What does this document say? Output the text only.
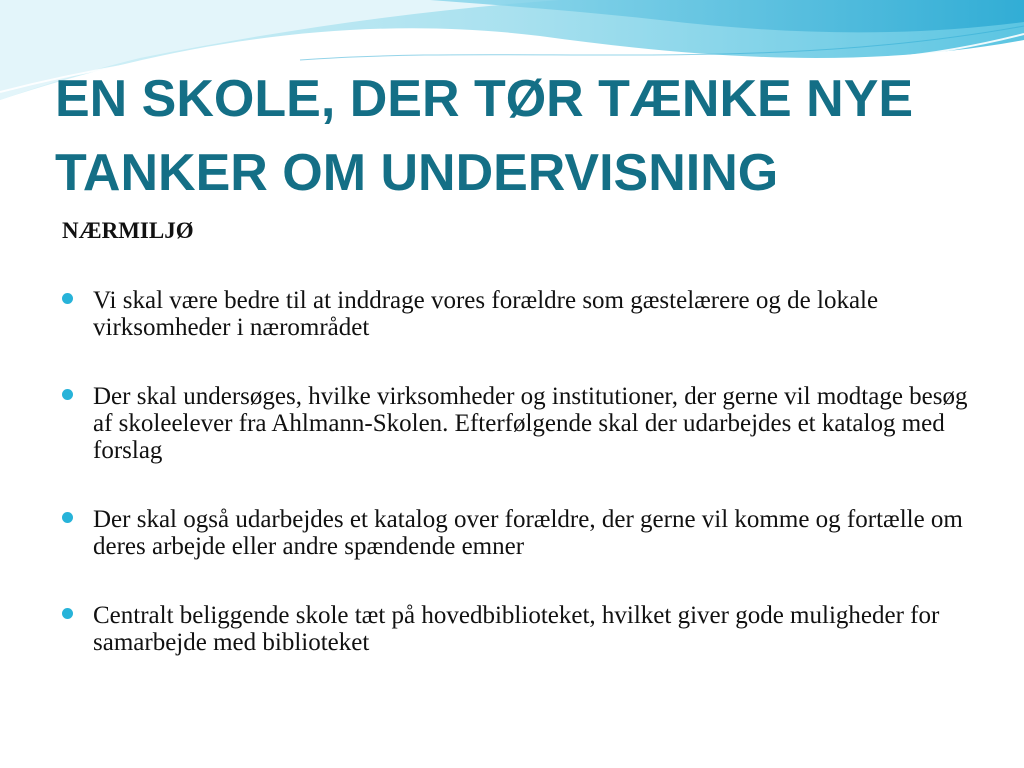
EN SKOLE, DER TØR TÆNKE NYE
TANKER OM UNDERVISNING
NÆRMILJØ
Vi skal være bedre til at inddrage vores forældre som gæstelærere og de lokale virksomheder i nærområdet
Der skal undersøges, hvilke virksomheder og institutioner, der gerne vil modtage besøg af skoleelever fra Ahlmann-Skolen. Efterfølgende skal der udarbejdes et katalog med forslag
Der skal også udarbejdes et katalog over forældre, der gerne vil komme og fortælle om deres arbejde eller andre spændende emner
Centralt beliggende skole tæt på hovedbiblioteket, hvilket giver gode muligheder for samarbejde med biblioteket
